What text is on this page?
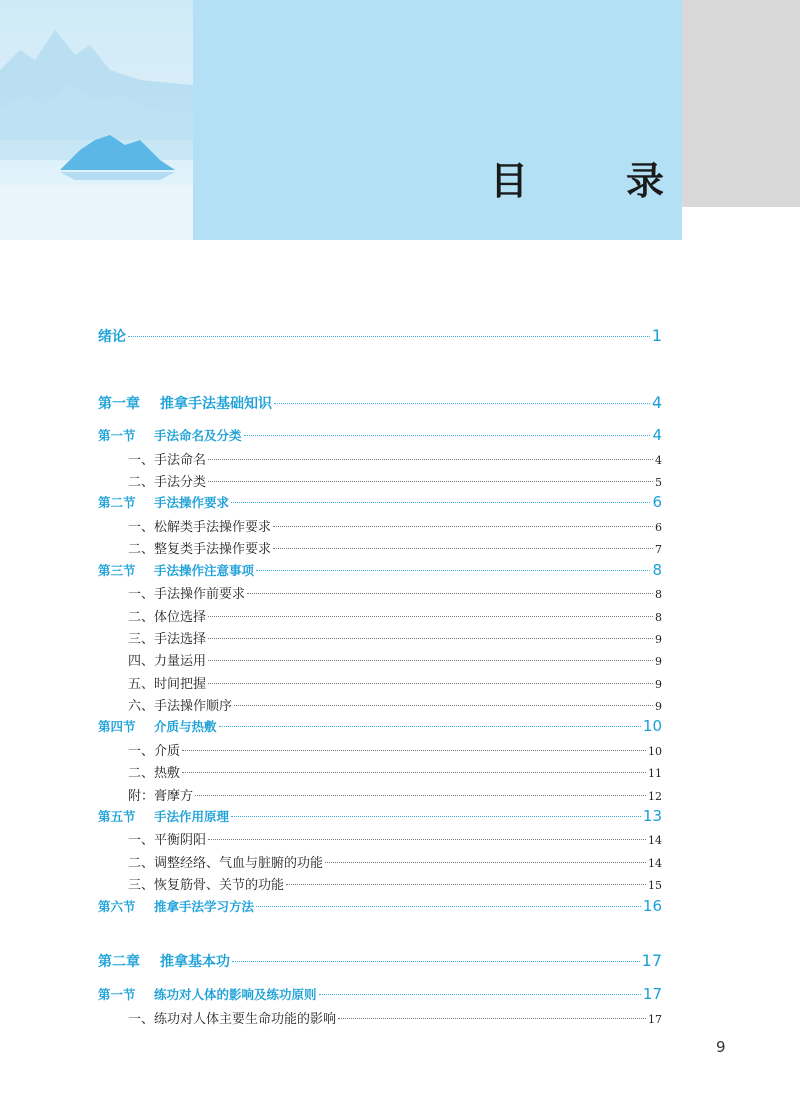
目　录
绪论	1
第一章 推拿手法基础知识	4
第一节 手法命名及分类	4
一、手法命名	4
二、手法分类	5
第二节 手法操作要求	6
一、松解类手法操作要求	6
二、整复类手法操作要求	7
第三节 手法操作注意事项	8
一、手法操作前要求	8
二、体位选择	8
三、手法选择	9
四、力量运用	9
五、时间把握	9
六、手法操作顺序	9
第四节 介质与热敷	10
一、介质	10
二、热敷	11
附：膏摩方	12
第五节 手法作用原理	13
一、平衡阴阳	14
二、调整经络、气血与脏腑的功能	14
三、恢复筋骨、关节的功能	15
第六节 推拿手法学习方法	16
第二章 推拿基本功	17
第一节 练功对人体的影响及练功原则	17
一、练功对人体主要生命功能的影响	17
9
